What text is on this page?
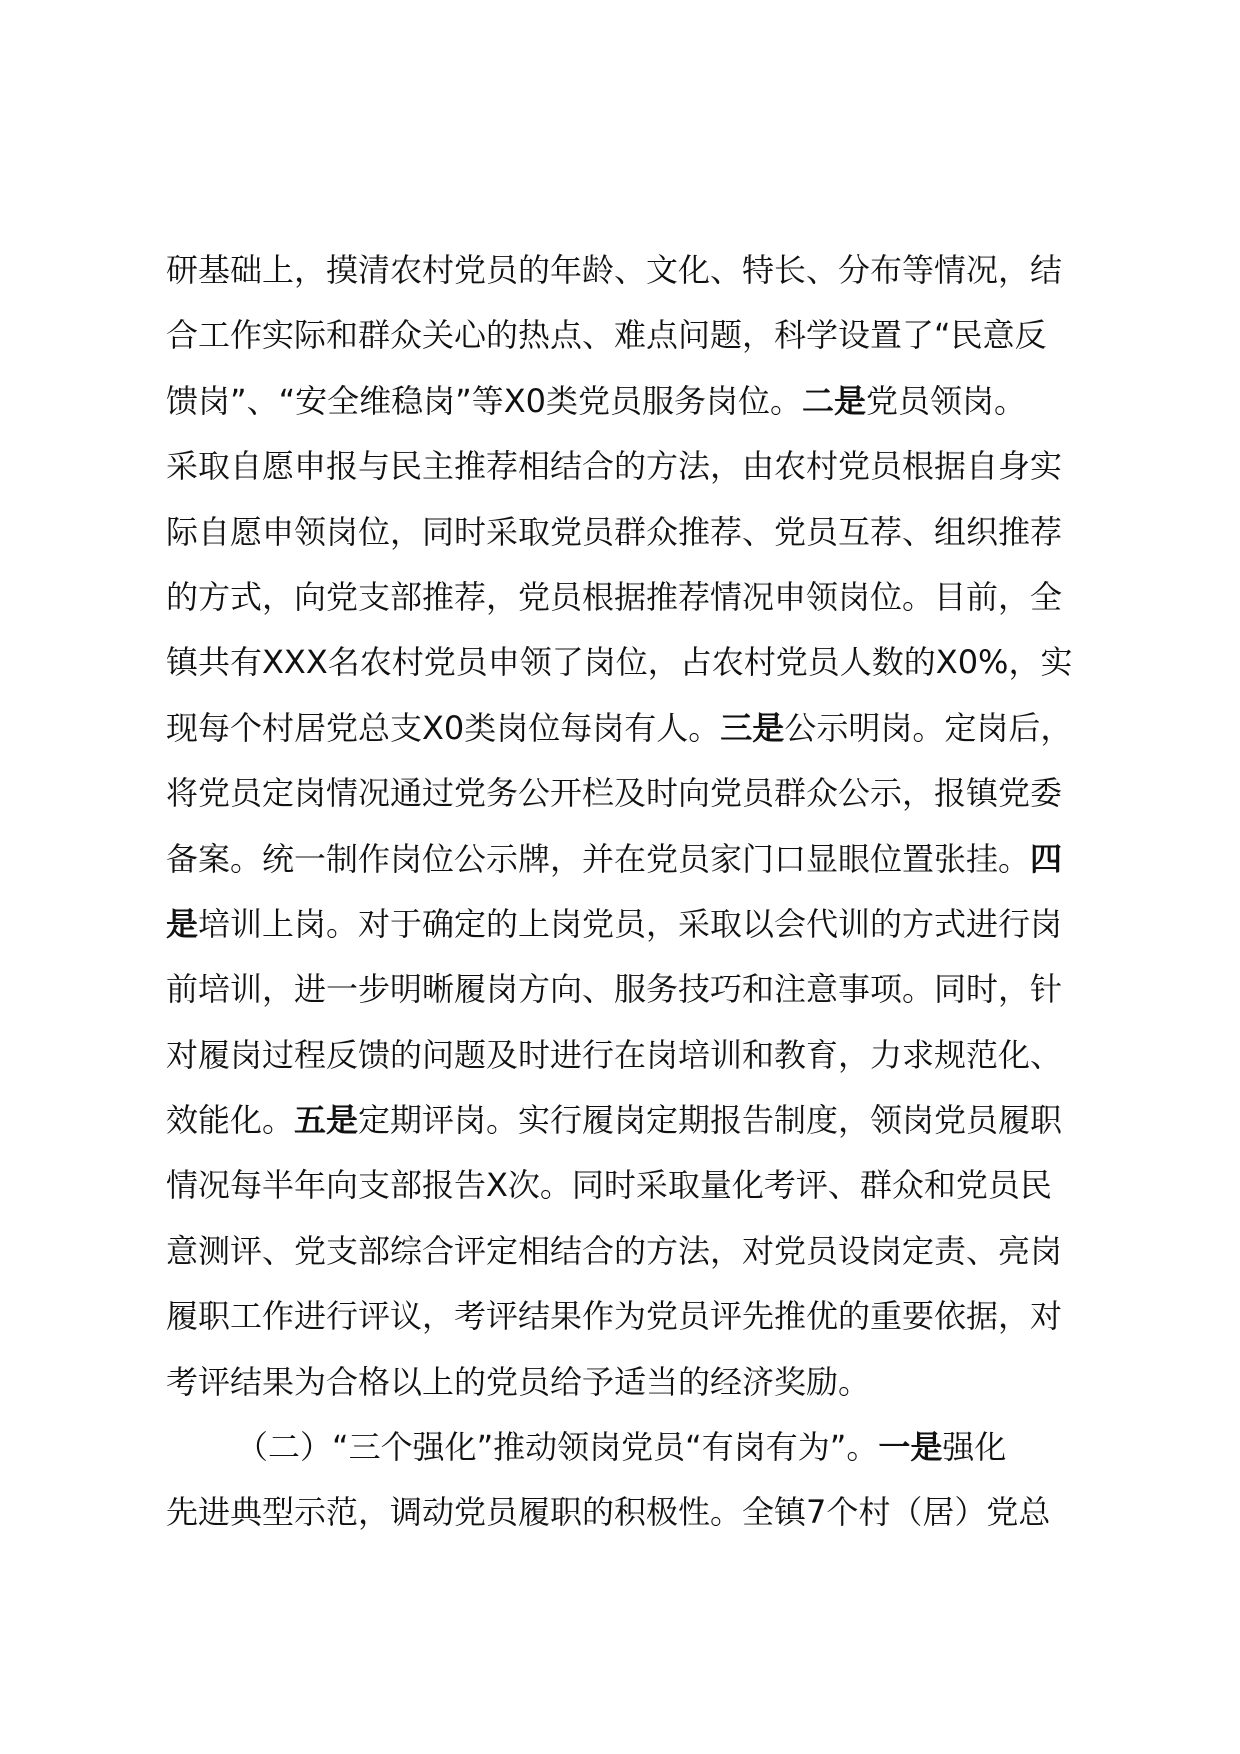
研基础上，摸清农村党员的年龄、文化、特长、分布等情况，结
合工作实际和群众关心的热点、难点问题，科学设置了“民意反
馈岗”、“安全维稳岗”等X0类党员服务岗位。二是党员领岗。
采取自愿申报与民主推荐相结合的方法，由农村党员根据自身实
际自愿申领岗位，同时采取党员群众推荐、党员互荐、组织推荐
的方式，向党支部推荐，党员根据推荐情况申领岗位。目前，全
镇共有XXX名农村党员申领了岗位，占农村党员人数的X0%，实
现每个村居党总支X0类岗位每岗有人。三是公示明岗。定岗后，
将党员定岗情况通过党务公开栏及时向党员群众公示，报镇党委
备案。统一制作岗位公示牌，并在党员家门口显眼位置张挂。四
是培训上岗。对于确定的上岗党员，采取以会代训的方式进行岗
前培训，进一步明晰履岗方向、服务技巧和注意事项。同时，针
对履岗过程反馈的问题及时进行在岗培训和教育，力求规范化、
效能化。五是定期评岗。实行履岗定期报告制度，领岗党员履职
情况每半年向支部报告X次。同时采取量化考评、群众和党员民
意测评、党支部综合评定相结合的方法，对党员设岗定责、亮岗
履职工作进行评议，考评结果作为党员评先推优的重要依据，对
考评结果为合格以上的党员给予适当的经济奖励。
（二）“三个强化”推动领岗党员“有岗有为”。一是强化
先进典型示范，调动党员履职的积极性。全镇7个村（居）党总
